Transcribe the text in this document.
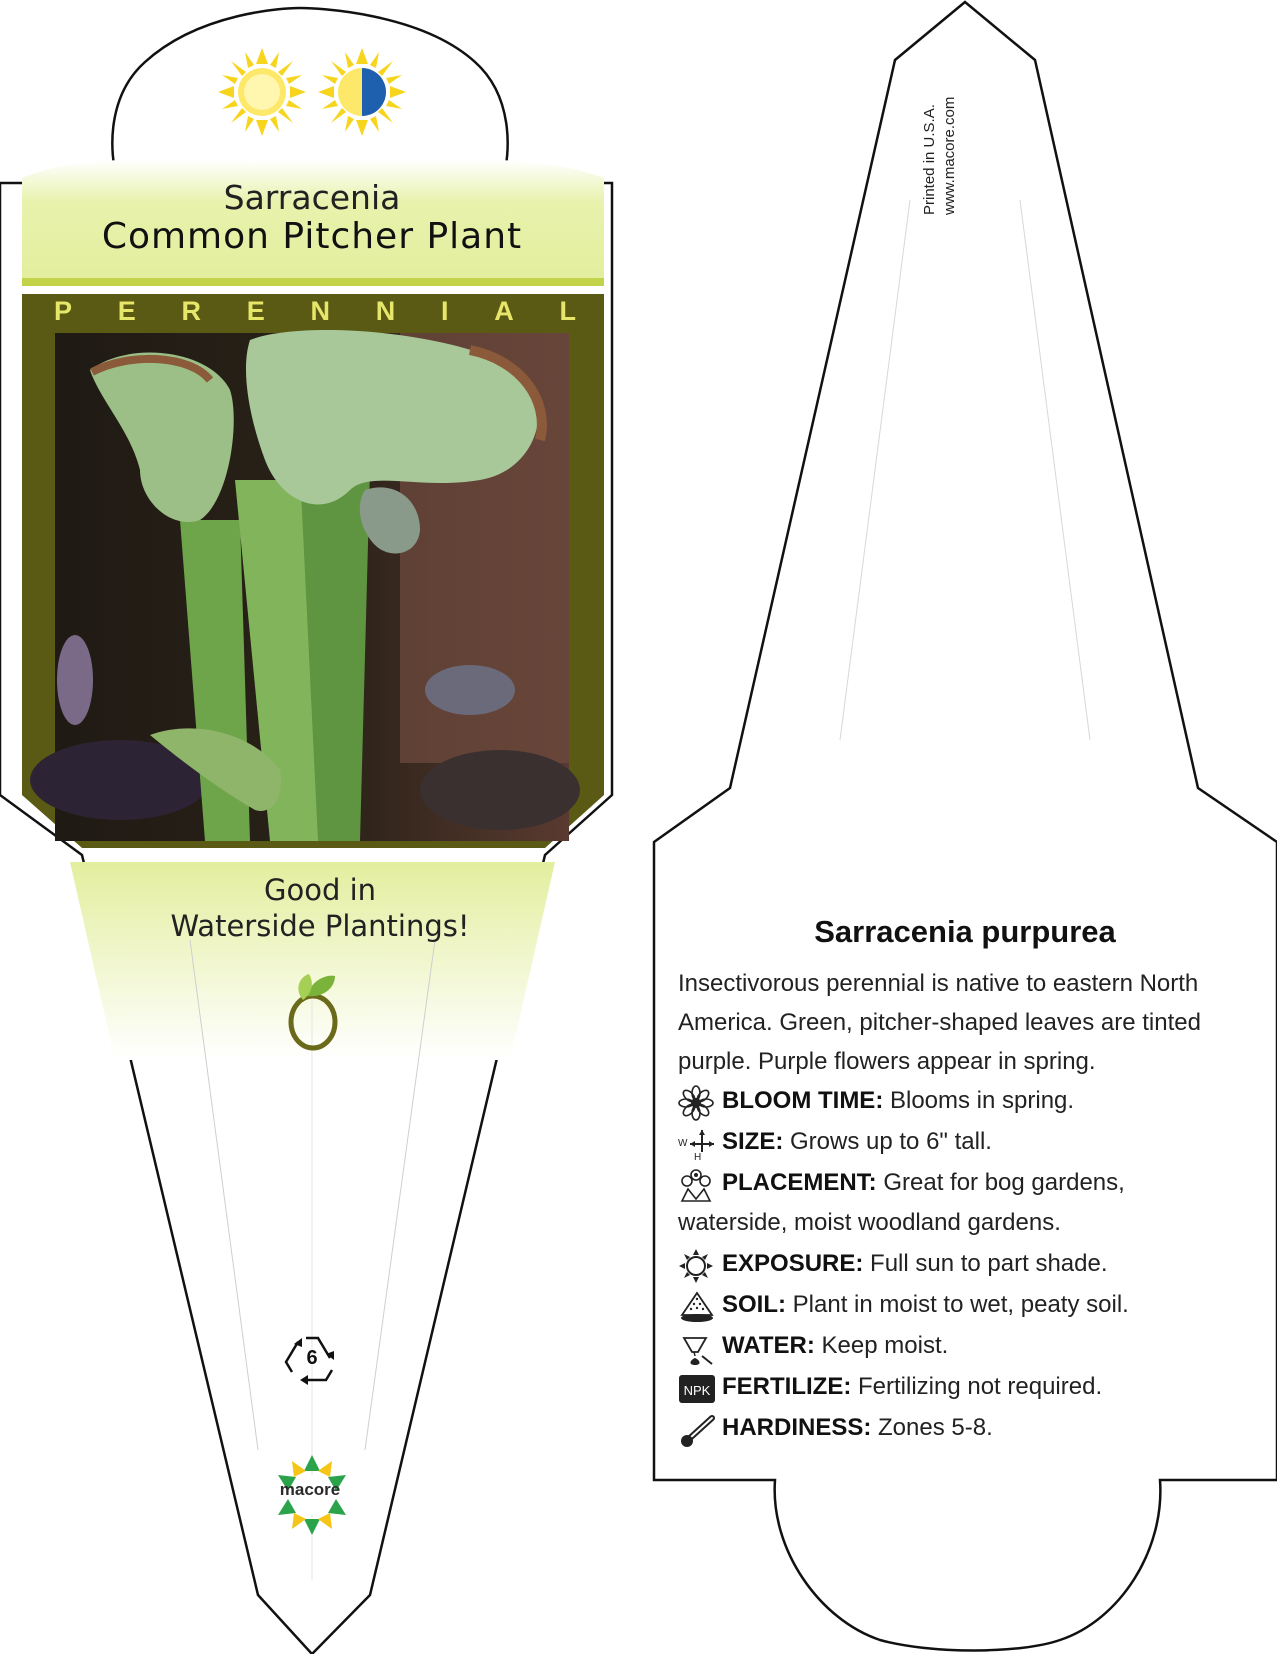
Sarracenia
Common Pitcher Plant
P E R E N N I A L
Good in
Waterside Plantings!
6
macore
Printed in U.S.A. www.macore.com
Sarracenia purpurea
Insectivorous perennial is native to eastern North America. Green, pitcher-shaped leaves are tinted purple. Purple flowers appear in spring.
BLOOM TIME: Blooms in spring.
W
H
SIZE: Grows up to 6" tall.
PLACEMENT: Great for bog gardens, waterside, moist woodland gardens.
EXPOSURE: Full sun to part shade.
SOIL: Plant in moist to wet, peaty soil.
WATER: Keep moist.
NPK FERTILIZE: Fertilizing not required.
HARDINESS: Zones 5-8.
